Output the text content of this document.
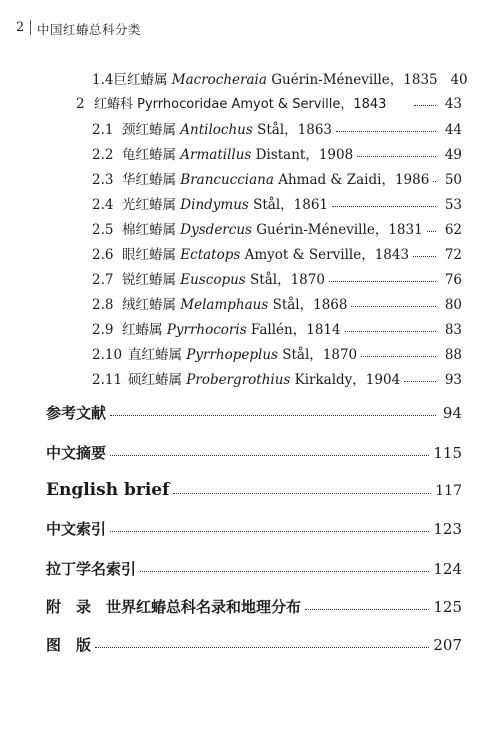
2 中国红蝽总科分类
1.4 巨红蝽属 Macrocheraia Guérin-Méneville，1835 40
2 红蝽科 Pyrrhocoridae Amyot & Serville，1843	43
2.1 颈红蝽属 Antilochus Stål，1863	44
2.2 龟红蝽属 Armatillus Distant，1908	49
2.3 华红蝽属 Brancucciana Ahmad & Zaidi，1986	50
2.4 光红蝽属 Dindymus Stål，1861	53
2.5 棉红蝽属 Dysdercus Guérin-Méneville，1831	62
2.6 眼红蝽属 Ectatops Amyot & Serville，1843	72
2.7 锐红蝽属 Euscopus Stål，1870	76
2.8 绒红蝽属 Melamphaus Stål，1868	80
2.9 红蝽属 Pyrrhocoris Fallén，1814	83
2.10 直红蝽属 Pyrrhopeplus Stål，1870	88
2.11 硕红蝽属 Probergrothius Kirkaldy，1904	93
参考文献	94
中文摘要	115
English brief	117
中文索引	123
拉丁学名索引	124
附　录　世界红蝽总科名录和地理分布	125
图　版	207
